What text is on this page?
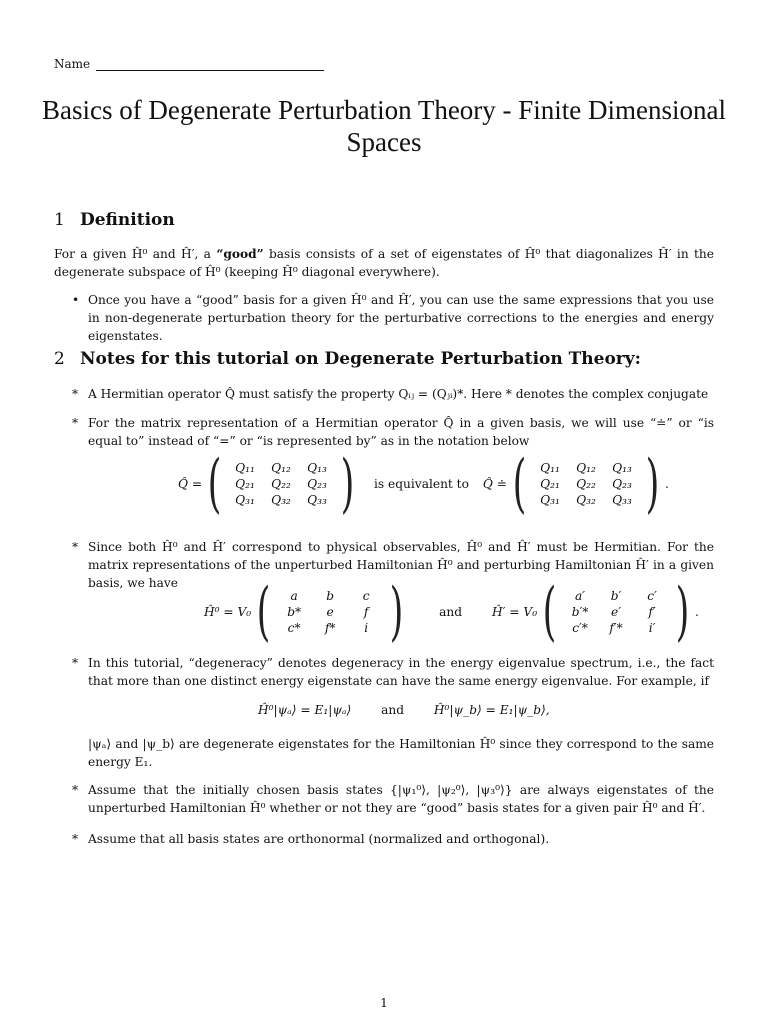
Name
Basics of Degenerate Perturbation Theory - Finite Dimensional Spaces
1 Definition
For a given Ĥ⁰ and Ĥ′, a “good” basis consists of a set of eigenstates of Ĥ⁰ that diagonalizes Ĥ′ in the degenerate subspace of Ĥ⁰ (keeping Ĥ⁰ diagonal everywhere).
• Once you have a “good” basis for a given Ĥ⁰ and Ĥ′, you can use the same expressions that you use in non-degenerate perturbation theory for the perturbative corrections to the energies and energy eigenstates.
2 Notes for this tutorial on Degenerate Perturbation Theory:
* A Hermitian operator Q̂ must satisfy the property Qᵢⱼ = (Qⱼᵢ)*. Here * denotes the complex conjugate
* For the matrix representation of a Hermitian operator Q̂ in a given basis, we will use “≐” or “is equal to” instead of “=” or “is represented by” as in the notation below
Q̂ = (	Q₁₁	Q₁₂	Q₁₃
Q₂₁	Q₂₂	Q₂₃
Q₃₁	Q₃₂	Q₃₃ ) is equivalent to Q̂ ≐ (	Q₁₁	Q₁₂	Q₁₃
Q₂₁	Q₂₂	Q₂₃
Q₃₁	Q₃₂	Q₃₃ ) .
* Since both Ĥ⁰ and Ĥ′ correspond to physical observables, Ĥ⁰ and Ĥ′ must be Hermitian. For the matrix representations of the unperturbed Hamiltonian Ĥ⁰ and perturbing Hamiltonian Ĥ′ in a given basis, we have
Ĥ⁰ = V₀ (	a	b	c
b*	e	f
c*	f*	i )	and Ĥ′ = V₀ (	a′	b′	c′
b′*	e′	f′
c′*	f′*	i′ ) .
* In this tutorial, “degeneracy” denotes degeneracy in the energy eigenvalue spectrum, i.e., the fact that more than one distinct energy eigenstate can have the same energy eigenvalue. For example, if
Ĥ⁰|ψₐ⟩ = E₁|ψₐ⟩ and Ĥ⁰|ψ_b⟩ = E₁|ψ_b⟩,
|ψₐ⟩ and |ψ_b⟩ are degenerate eigenstates for the Hamiltonian Ĥ⁰ since they correspond to the same energy E₁.
* Assume that the initially chosen basis states {|ψ₁⁰⟩, |ψ₂⁰⟩, |ψ₃⁰⟩} are always eigenstates of the unperturbed Hamiltonian Ĥ⁰ whether or not they are “good” basis states for a given pair Ĥ⁰ and Ĥ′.
* Assume that all basis states are orthonormal (normalized and orthogonal).
1
